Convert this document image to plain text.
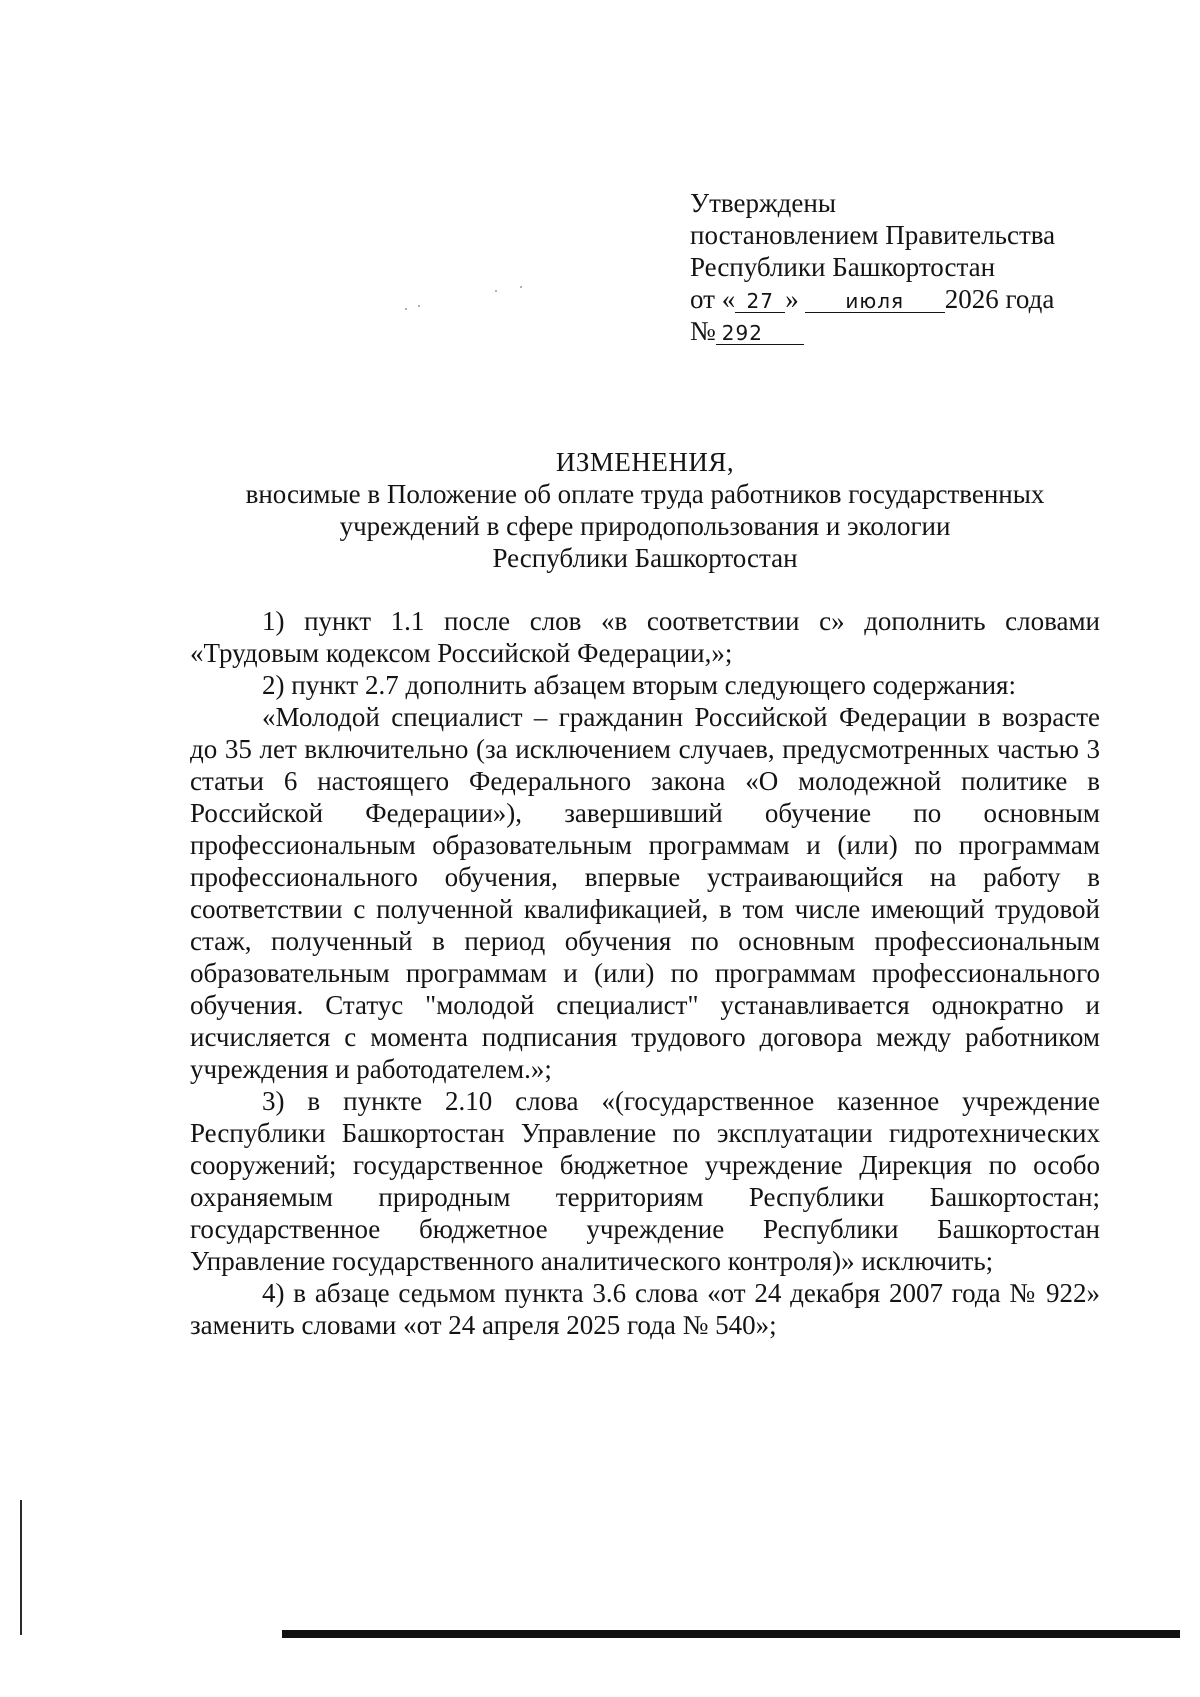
Утверждены
постановлением Правительства
Республики Башкортостан
от « 27 » июля 2026 года
№ 292
ИЗМЕНЕНИЯ,
вносимые в Положение об оплате труда работников государственных
учреждений в сфере природопользования и экологии
Республики Башкортостан

1) пункт 1.1 после слов «в соответствии с» дополнить словами «Трудовым кодексом Российской Федерации,»;

2) пункт 2.7 дополнить абзацем вторым следующего содержания:

«Молодой специалист – гражданин Российской Федерации в возрасте до 35 лет включительно (за исключением случаев, предусмотренных частью 3 статьи 6 настоящего Федерального закона «О молодежной политике в Российской Федерации»), завершивший обучение по основным профессиональным образовательным программам и (или) по программам профессионального обучения, впервые устраивающийся на работу в соответствии с полученной квалификацией, в том числе имеющий трудовой стаж, полученный в период обучения по основным профессиональным образовательным программам и (или) по программам профессионального обучения. Статус "молодой специалист" устанавливается однократно и исчисляется с момента подписания трудового договора между работником учреждения и работодателем.»;

3) в пункте 2.10 слова «(государственное казенное учреждение Республики Башкортостан Управление по эксплуатации гидротехнических сооружений; государственное бюджетное учреждение Дирекция по особо охраняемым природным территориям Республики Башкортостан; государственное бюджетное учреждение Республики Башкортостан Управление государственного аналитического контроля)» исключить;

4) в абзаце седьмом пункта 3.6 слова «от 24 декабря 2007 года № 922» заменить словами «от 24 апреля 2025 года № 540»;
